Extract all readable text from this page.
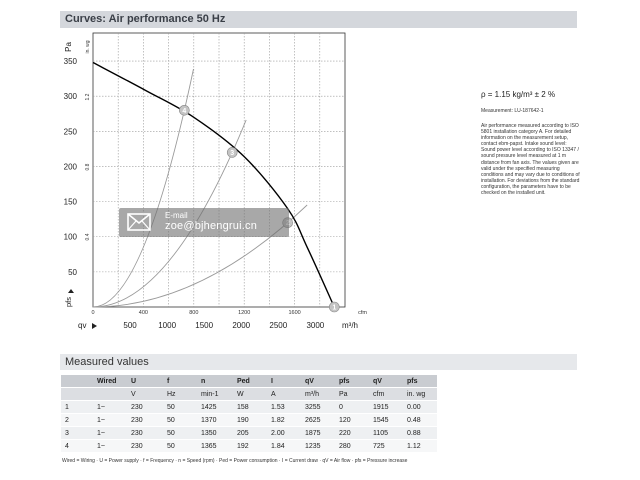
Curves: Air performance 50 Hz
50
100
150
200
250
300
350
0.4
0.8
1.2
0	400	800	1200	1600
500	1000 1500 2000 2500 3000
Pa in. wg
pfs
cfm
qv	m³/h
1
3
4
E-mail
zoe@bjhengrui.cn
ρ = 1.15 kg/m³ ± 2 %
Measurement: LU-187642-1
Air performance measured according to ISO 5801 installation category A. For detailed information on the measurement setup, contact ebm-papst. Intake sound level: Sound power level according to ISO 13347 / sound pressure level measured at 1 m distance from fan axis. The values given are valid under the specified measuring conditions and may vary due to conditions of installation. For deviations from the standard configuration, the parameters have to be checked on the installed unit.
Measured values
	Wired	U	f	n	Ped	I	qV	pfs	qV	pfs
		V	Hz	min-1	W	A	m³/h	Pa	cfm	in. wg
1	1~	230	50	1425	158	1.53	3255	0	1915	0.00
2	1~	230	50	1370	190	1.82	2625	120	1545	0.48
3	1~	230	50	1350	205	2.00	1875	220	1105	0.88
4	1~	230	50	1365	192	1.84	1235	280	725	1.12
Wired = Wiring · U = Power supply · f = Frequency · n = Speed (rpm) · Ped = Power consumption · I = Current draw · qV = Air flow · pfs = Pressure increase
